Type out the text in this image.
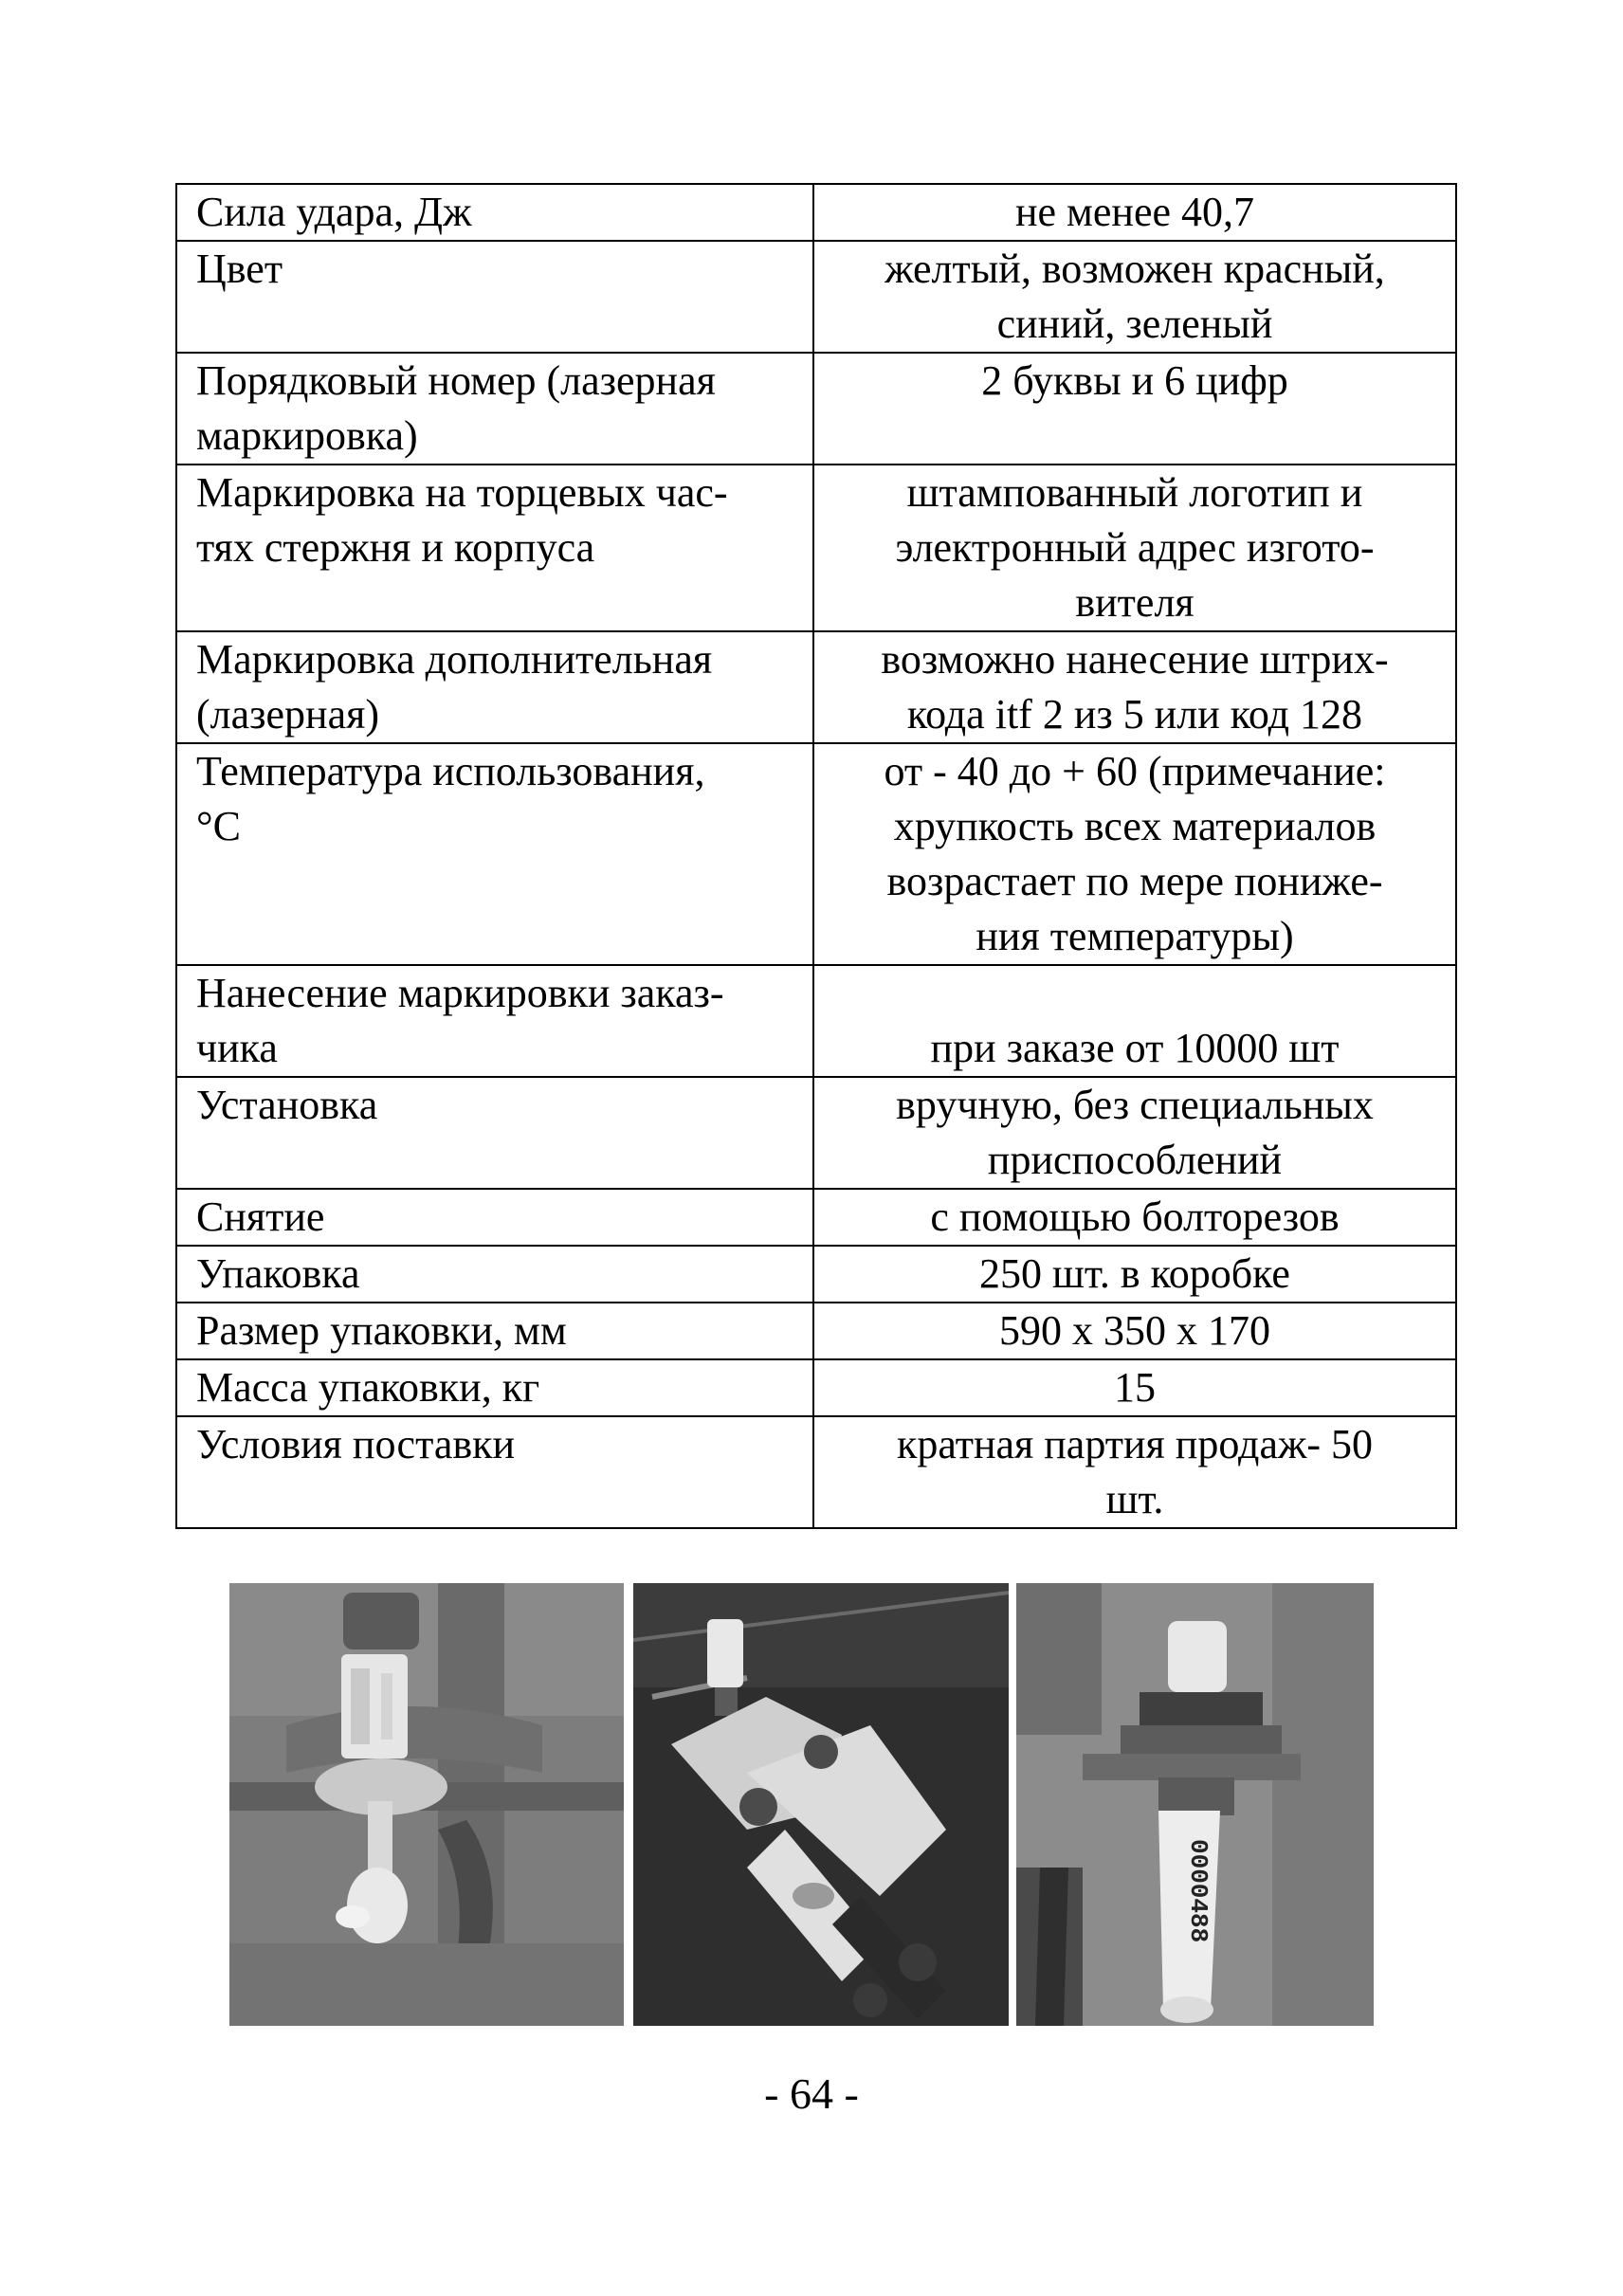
Сила удара, Дж	не менее 40,7
Цвет	желтый, возможен красный,
синий, зеленый
Порядковый номер (лазерная
маркировка)	2 буквы и 6 цифр
Маркировка на торцевых час-
тях стержня и корпуса	штампованный логотип и
электронный адрес изгото-
вителя
Маркировка дополнительная
(лазерная)	возможно нанесение штрих-
кода itf 2 из 5 или код 128
Температура использования,
°С	от - 40 до + 60 (примечание:
хрупкость всех материалов
возрастает по мере пониже-
ния температуры)
Нанесение маркировки заказ-
чика	при заказе от 10000 шт
Установка	вручную, без специальных
приспособлений
Снятие	с помощью болторезов
Упаковка	250 шт. в коробке
Размер упаковки, мм	590 x 350 x 170
Масса упаковки, кг	15
Условия поставки	кратная партия продаж- 50
шт.
0000488
- 64 -
